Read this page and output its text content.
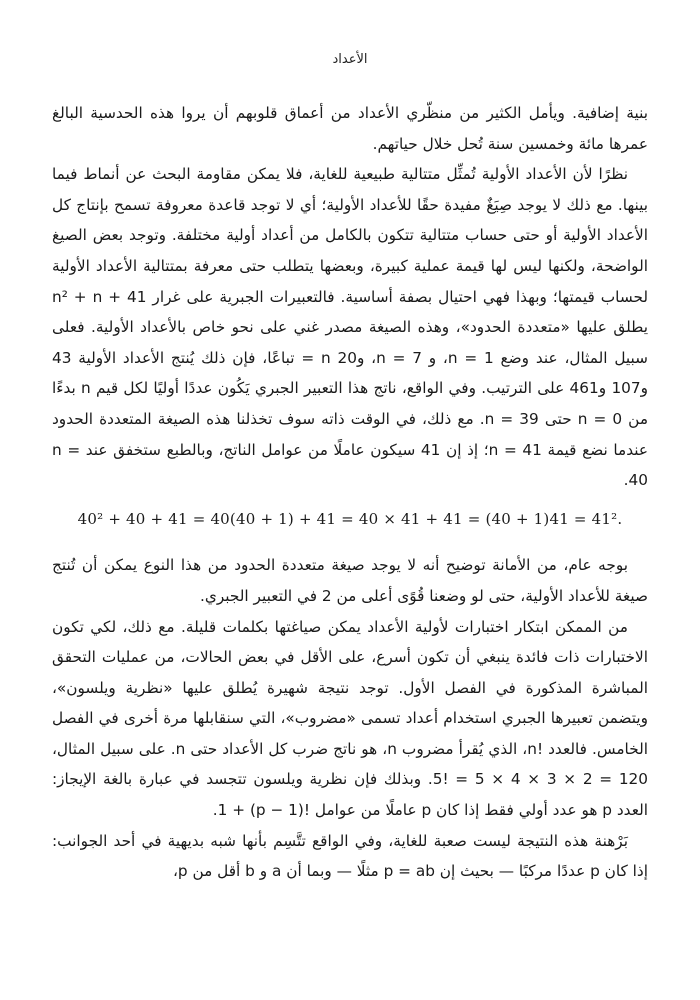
الأعداد

بنية إضافية. ويأمل الكثير من منظّري الأعداد من أعماق قلوبهم أن يروا هذه الحدسية البالغ عمرها مائة وخمسين سنة تُحل خلال حياتهم.

نظرًا لأن الأعداد الأولية تُمثِّل متتالية طبيعية للغاية، فلا يمكن مقاومة البحث عن أنماط فيما بينها. مع ذلك لا يوجد صِيَغٌ مفيدة حقًا للأعداد الأولية؛ أي لا توجد قاعدة معروفة تسمح بإنتاج كل الأعداد الأولية أو حتى حساب متتالية تتكون بالكامل من أعداد أولية مختلفة. وتوجد بعض الصيغ الواضحة، ولكنها ليس لها قيمة عملية كبيرة، وبعضها يتطلب حتى معرفة بمتتالية الأعداد الأولية لحساب قيمتها؛ وبهذا فهي احتيال بصفة أساسية. فالتعبيرات الجبرية على غرار n² + n + 41 يطلق عليها «متعددة الحدود»، وهذه الصيغة مصدر غني على نحو خاص بالأعداد الأولية. فعلى سبيل المثال، عند وضع n = 1، و n = 7، و20 n = تباعًا، فإن ذلك يُنتج الأعداد الأولية 43 و107 و461 على الترتيب. وفي الواقع، ناتج هذا التعبير الجبري يَكُون عددًا أوليًا لكل قيم n بدءًا من n = 0 حتى n = 39. مع ذلك، في الوقت ذاته سوف تخذلنا هذه الصيغة المتعددة الحدود عندما نضع قيمة n = 41؛ إذ إن 41 سيكون عاملًا من عوامل الناتج، وبالطبع ستخفق عند n = 40.

40² + 40 + 41 = 40(40 + 1) + 41 = 40 × 41 + 41 = (40 + 1)41 = 41².

بوجه عام، من الأمانة توضيح أنه لا يوجد صيغة متعددة الحدود من هذا النوع يمكن أن تُنتج صيغة للأعداد الأولية، حتى لو وضعنا قُوًى أعلى من 2 في التعبير الجبري.

من الممكن ابتكار اختبارات لأولية الأعداد يمكن صياغتها بكلمات قليلة. مع ذلك، لكي تكون الاختبارات ذات فائدة ينبغي أن تكون أسرع، على الأقل في بعض الحالات، من عمليات التحقق المباشرة المذكورة في الفصل الأول. توجد نتيجة شهيرة يُطلق عليها «نظرية ويلسون»، ويتضمن تعبيرها الجبري استخدام أعداد تسمى «مضروب»، التي سنقابلها مرة أخرى في الفصل الخامس. فالعدد !n، الذي يُقرأ مضروب n، هو ناتج ضرب كل الأعداد حتى n. على سبيل المثال، 120 = 2 × 3 × 4 × 5 = !5. وبذلك فإن نظرية ويلسون تتجسد في عبارة بالغة الإيجاز: العدد p هو عدد أولي فقط إذا كان p عاملًا من عوامل !(p − 1) + 1.

بَرْهنة هذه النتيجة ليست صعبة للغاية، وفي الواقع تتَّسِم بأنها شبه بديهية في أحد الجوانب: إذا كان p عددًا مركبًا — بحيث إن p = ab مثلًا — وبما أن a و b أقل من p،
